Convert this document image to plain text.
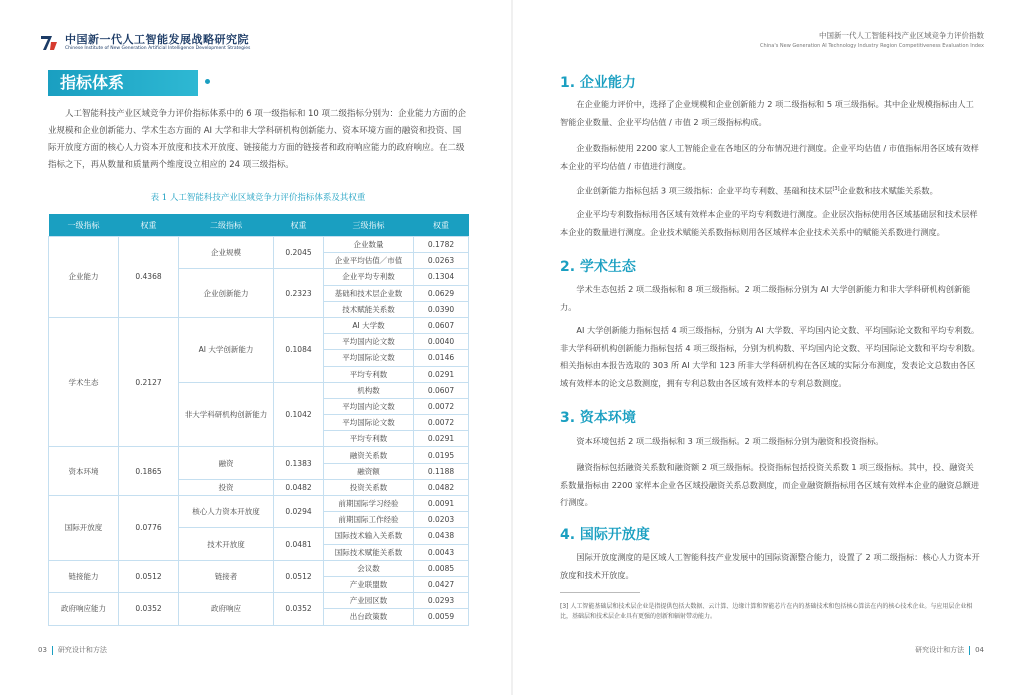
中国新一代人工智能发展战略研究院
Chinese Institute of New Generation Artificial Intelligence Development Strategies
中国新一代人工智能科技产业区域竞争力评价指数
China's New Generation AI Technology Industry Region Competitiveness Evaluation Index
指标体系

人工智能科技产业区域竞争力评价指标体系中的 6 项一级指标和 10 项二级指标分别为：企业能力方面的企业规模和企业创新能力、学术生态方面的 AI 大学和非大学科研机构创新能力、资本环境方面的融资和投资、国际开放度方面的核心人力资本开放度和技术开放度、链接能力方面的链接者和政府响应能力的政府响应。在二级指标之下，再从数量和质量两个维度设立相应的 24 项三级指标。

表 1 人工智能科技产业区域竞争力评价指标体系及其权重
一级指标	权重	二级指标	权重	三级指标	权重
企业能力	0.4368	企业规模	0.2045	企业数量	0.1782
				企业平均估值／市值	0.0263
		企业创新能力	0.2323	企业平均专利数	0.1304
				基础和技术层企业数	0.0629
				技术赋能关系数	0.0390
学术生态	0.2127	AI 大学创新能力	0.1084	AI 大学数	0.0607
				平均国内论文数	0.0040
				平均国际论文数	0.0146
				平均专利数	0.0291
		非大学科研机构创新能力	0.1042	机构数	0.0607
				平均国内论文数	0.0072
				平均国际论文数	0.0072
				平均专利数	0.0291
资本环境	0.1865	融资	0.1383	融资关系数	0.0195
				融资额	0.1188
		投资	0.0482	投资关系数	0.0482
国际开放度	0.0776	核心人力资本开放度	0.0294	前期国际学习经验	0.0091
				前期国际工作经验	0.0203
		技术开放度	0.0481	国际技术输入关系数	0.0438
				国际技术赋能关系数	0.0043
链接能力	0.0512	链接者	0.0512	会议数	0.0085
				产业联盟数	0.0427
政府响应能力	0.0352	政府响应	0.0352	产业园区数	0.0293
				出台政策数	0.0059
1. 企业能力

在企业能力评价中，选择了企业规模和企业创新能力 2 项二级指标和 5 项三级指标。其中企业规模指标由人工智能企业数量、企业平均估值 / 市值 2 项三级指标构成。

企业数指标使用 2200 家人工智能企业在各地区的分布情况进行测度。企业平均估值 / 市值指标用各区域有效样本企业的平均估值 / 市值进行测度。

企业创新能力指标包括 3 项三级指标：企业平均专利数、基础和技术层[3]企业数和技术赋能关系数。

企业平均专利数指标用各区域有效样本企业的平均专利数进行测度。企业层次指标使用各区域基础层和技术层样本企业的数量进行测度。企业技术赋能关系数指标则用各区域样本企业技术关系中的赋能关系数进行测度。

2. 学术生态

学术生态包括 2 项二级指标和 8 项三级指标。2 项二级指标分别为 AI 大学创新能力和非大学科研机构创新能力。

AI 大学创新能力指标包括 4 项三级指标，分别为 AI 大学数、平均国内论文数、平均国际论文数和平均专利数。非大学科研机构创新能力指标包括 4 项三级指标，分别为机构数、平均国内论文数、平均国际论文数和平均专利数。相关指标由本报告选取的 303 所 AI 大学和 123 所非大学科研机构在各区域的实际分布测度，发表论文总数由各区域有效样本的论文总数测度，拥有专利总数由各区域有效样本的专利总数测度。

3. 资本环境

资本环境包括 2 项二级指标和 3 项三级指标。2 项二级指标分别为融资和投资指标。

融资指标包括融资关系数和融资额 2 项三级指标。投资指标包括投资关系数 1 项三级指标。其中，投、融资关系数量指标由 2200 家样本企业各区域投融资关系总数测度，而企业融资额指标用各区域有效样本企业的融资总额进行测度。

4. 国际开放度

国际开放度测度的是区域人工智能科技产业发展中的国际资源整合能力，设置了 2 项二级指标：核心人力资本开放度和技术开放度。

[3] 人工智能基础层和技术层企业是指提供包括大数据、云计算、边缘计算和智能芯片在内的基础技术和包括核心算法在内的核心技术企业。与应用层企业相比，基础层和技术层企业具有更强的创新和辐射带动能力。

03 研究设计和方法	研究设计和方法 04
